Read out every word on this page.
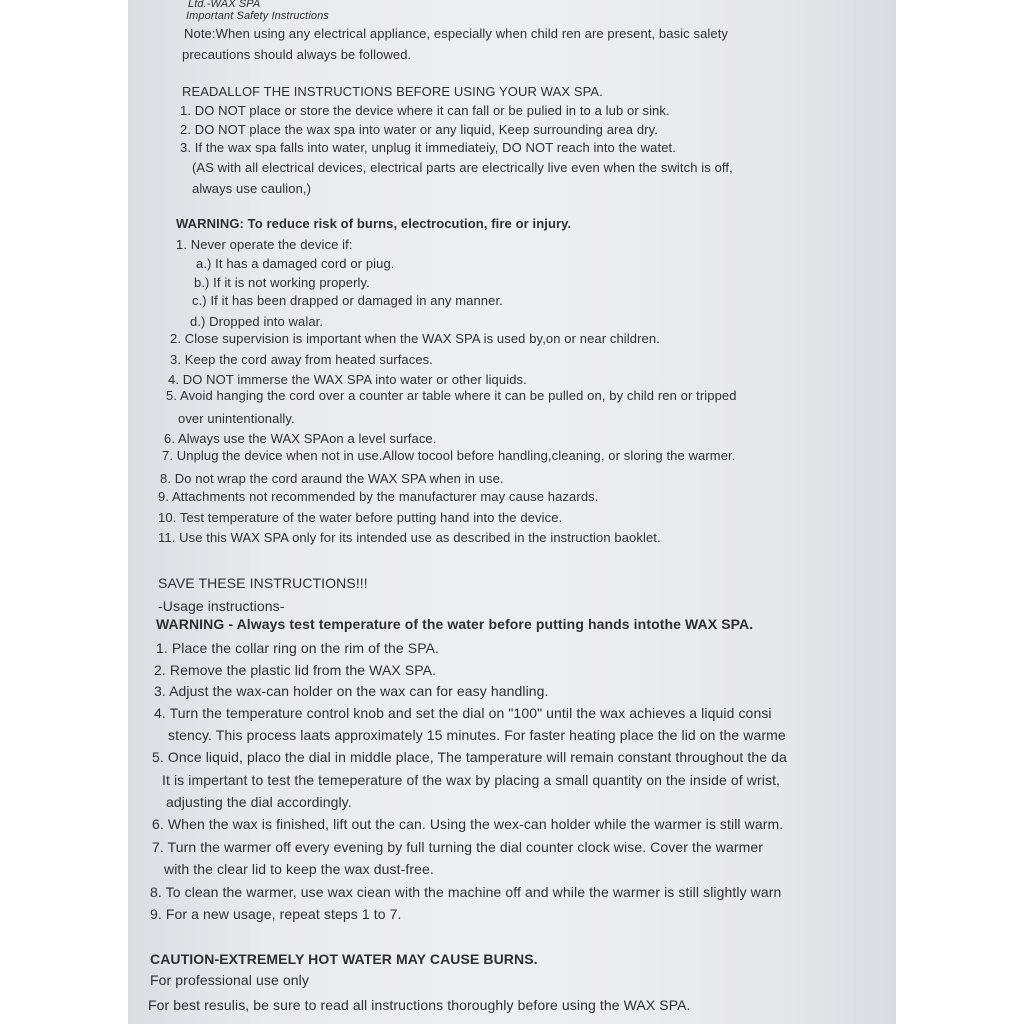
Ltd.-WAX SPA
Important Safety Instructions
Note:When using any electrical appliance, especially when child ren are present, basic salety
precautions should always be followed.
READALLOF THE INSTRUCTIONS BEFORE USING YOUR WAX SPA.
1. DO NOT place or store the device where it can fall or be pulied in to a lub or sink.
2. DO NOT place the wax spa into water or any liquid, Keep surrounding area dry.
3. If the wax spa falls into water, unplug it immediateiy, DO NOT reach into the watet.
(AS with all electrical devices, electrical parts are electrically live even when the switch is off,
always use caulion,)
WARNING: To reduce risk of burns, electrocution, fire or injury.
1. Never operate the device if:
a.) It has a damaged cord or piug.
b.) If it is not working properly.
c.) If it has been drapped or damaged in any manner.
d.) Dropped into walar.
2. Close supervision is important when the WAX SPA is used by,on or near children.
3. Keep the cord away from heated surfaces.
4. DO NOT immerse the WAX SPA into water or other liquids.
5. Avoid hanging the cord over a counter ar table where it can be pulled on, by child ren or tripped
over unintentionally.
6. Always use the WAX SPAon a level surface.
7. Unplug the device when not in use.Allow tocool before handling,cleaning, or sloring the warmer.
8. Do not wrap the cord araund the WAX SPA when in use.
9. Attachments not recommended by the manufacturer may cause hazards.
10. Test temperature of the water before putting hand into the device.
11. Use this WAX SPA only for its intended use as described in the instruction baoklet.
SAVE THESE INSTRUCTIONS!!!
-Usage instructions-
WARNING - Always test temperature of the water before putting hands intothe WAX SPA.
1. Place the collar ring on the rim of the SPA.
2. Remove the plastic lid from the WAX SPA.
3. Adjust the wax-can holder on the wax can for easy handling.
4. Turn the temperature control knob and set the dial on "100" until the wax achieves a liquid consi
stency. This process laats approximately 15 minutes. For faster heating place the lid on the warme
5. Once liquid, placo the dial in middle place, The tamperature will remain constant throughout the da
It is impertant to test the temeperature of the wax by placing a small quantity on the inside of wrist,
adjusting the dial accordingly.
6. When the wax is finished, lift out the can. Using the wex-can holder while the warmer is still warm.
7. Turn the warmer off every evening by full turning the dial counter clock wise. Cover the warmer
with the clear lid to keep the wax dust-free.
8. To clean the warmer, use wax ciean with the machine off and while the warmer is still slightly warn
9. For a new usage, repeat steps 1 to 7.
CAUTION-EXTREMELY HOT WATER MAY CAUSE BURNS.
For professional use only
For best resulis, be sure to read all instructions thoroughly before using the WAX SPA.
